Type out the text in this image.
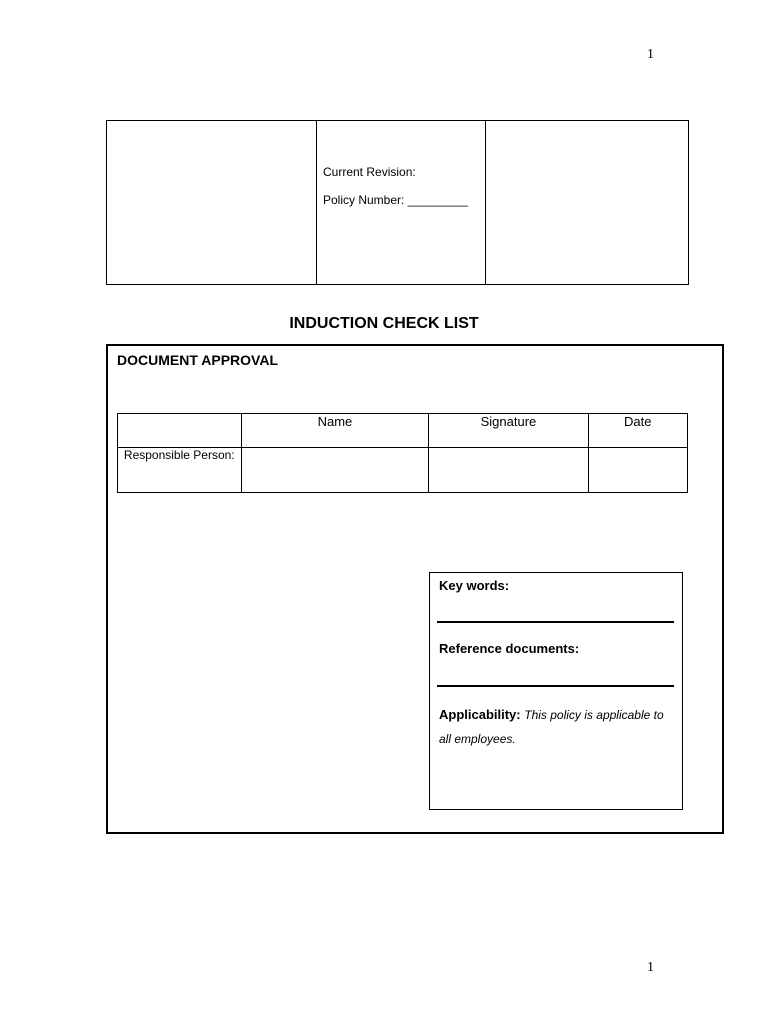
1
Current Revision:
Policy Number: _________
INDUCTION CHECK LIST
DOCUMENT APPROVAL
	Name	Signature	Date
Responsible Person:			
Key words:
Reference documents:
Applicability: This policy is applicable to all employees.
1
